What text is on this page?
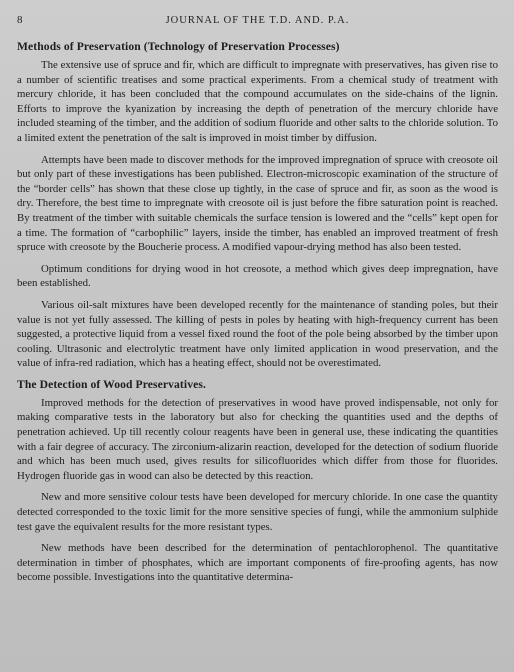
8	JOURNAL OF THE T.D. AND. P.A.
Methods of Preservation (Technology of Preservation Processes)

The extensive use of spruce and fir, which are difficult to impregnate with preservatives, has given rise to a number of scientific treatises and some practical experiments. From a chemical study of treatment with mercury chloride, it has been concluded that the compound accumulates on the side-chains of the lignin. Efforts to improve the kyanization by increasing the depth of penetration of the mercury chloride have included steaming of the timber, and the addition of sodium fluoride and other salts to the chloride solution. To a limited extent the penetration of the salt is improved in moist timber by diffusion.

Attempts have been made to discover methods for the improved impregnation of spruce with creosote oil but only part of these investigations has been published. Electron-microscopic examination of the structure of the “border cells” has shown that these close up tightly, in the case of spruce and fir, as soon as the wood is dry. Therefore, the best time to impregnate with creosote oil is just before the fibre saturation point is reached. By treatment of the timber with suitable chemicals the surface tension is lowered and the “cells” kept open for a time. The formation of “carbophilic” layers, inside the timber, has enabled an improved treatment of fresh spruce with creosote by the Boucherie process. A modified vapour-drying method has also been tested.

Optimum conditions for drying wood in hot creosote, a method which gives deep impregnation, have been established.

Various oil-salt mixtures have been developed recently for the maintenance of standing poles, but their value is not yet fully assessed. The killing of pests in poles by heating with high-frequency current has been suggested, a protective liquid from a vessel fixed round the foot of the pole being absorbed by the timber upon cooling. Ultrasonic and electrolytic treatment have only limited application in wood preservation, and the value of infra-red radiation, which has a heating effect, should not be overestimated.

The Detection of Wood Preservatives.

Improved methods for the detection of preservatives in wood have proved indispensable, not only for making comparative tests in the laboratory but also for checking the quantities used and the depths of penetration achieved. Up till recently colour reagents have been in general use, these indicating the quantities with a fair degree of accuracy. The zirconium-alizarin reaction, developed for the detection of sodium fluoride and which has been much used, gives results for silicofluorides which differ from those for fluorides. Hydrogen fluoride gas in wood can also be detected by this reaction.

New and more sensitive colour tests have been developed for mercury chloride. In one case the quantity detected corresponded to the toxic limit for the more sensitive species of fungi, while the ammonium sulphide test gave the equivalent results for the more resistant types.

New methods have been described for the determination of pentachlorophenol. The quantitative determination in timber of phosphates, which are important components of fire-proofing agents, has now become possible. Investigations into the quantitative determina-
